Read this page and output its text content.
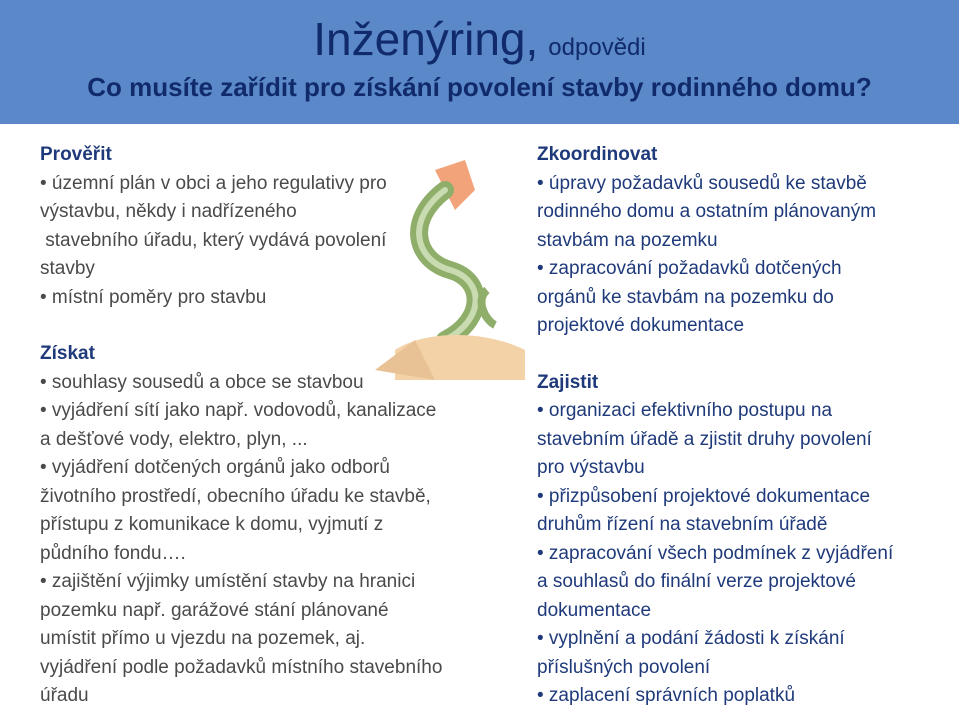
Inženýring, odpovědi
Co musíte zařídit pro získání povolení stavby rodinného domu?
Prověřit
• územní plán v obci a jeho regulativy pro
výstavbu, někdy i nadřízeného
stavebního úřadu, který vydává povolení
stavby
• místní poměry pro stavbu
Získat
• souhlasy sousedů a obce se stavbou
• vyjádření sítí jako např. vodovodů, kanalizace
a dešťové vody, elektro, plyn, ...
• vyjádření dotčených orgánů jako odborů
životního prostředí, obecního úřadu ke stavbě,
přístupu z komunikace k domu, vyjmutí z
půdního fondu….
• zajištění výjimky umístění stavby na hranici
pozemku např. garážové stání plánované
umístit přímo u vjezdu na pozemek, aj.
vyjádření podle požadavků místního stavebního
úřadu
Zkoordinovat
• úpravy požadavků sousedů ke stavbě
rodinného domu a ostatním plánovaným
stavbám na pozemku
• zapracování požadavků dotčených
orgánů ke stavbám na pozemku do
projektové dokumentace
Zajistit
• organizaci efektivního postupu na
stavebním úřadě a zjistit druhy povolení
pro výstavbu
• přizpůsobení projektové dokumentace
druhům řízení na stavebním úřadě
• zapracování všech podmínek z vyjádření
a souhlasů do finální verze projektové
dokumentace
• vyplnění a podání žádosti k získání
příslušných povolení
• zaplacení správních poplatků
